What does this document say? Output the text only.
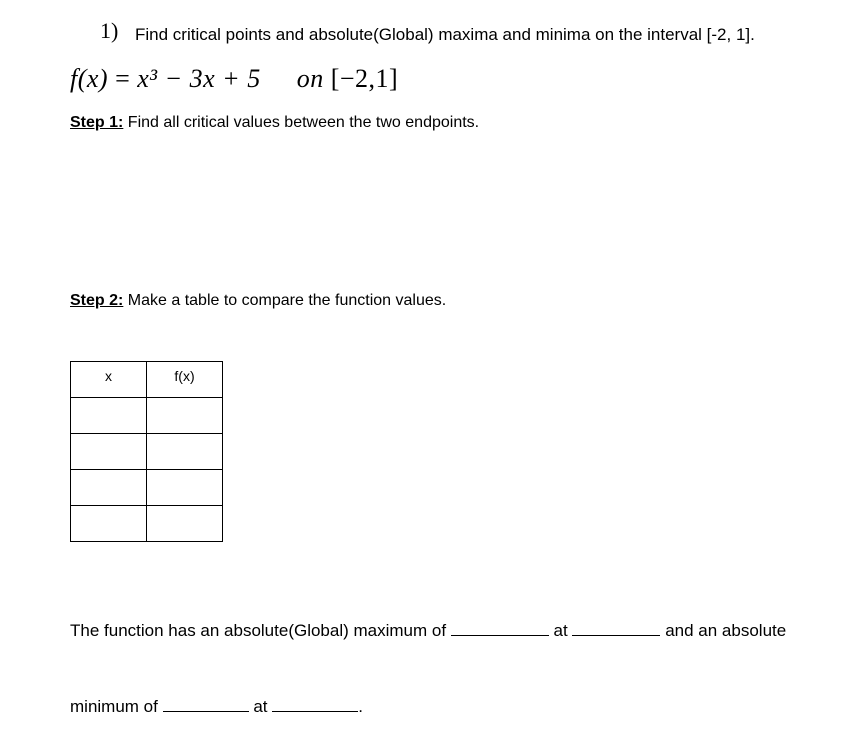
1) Find critical points and absolute(Global) maxima and minima on the interval [-2, 1].
f(x) = x³ − 3x + 5 on [−2,1]
Step 1: Find all critical values between the two endpoints.
Step 2: Make a table to compare the function values.
x	f(x)

The function has an absolute(Global) maximum of	at	and an absolute
minimum of	at	.
